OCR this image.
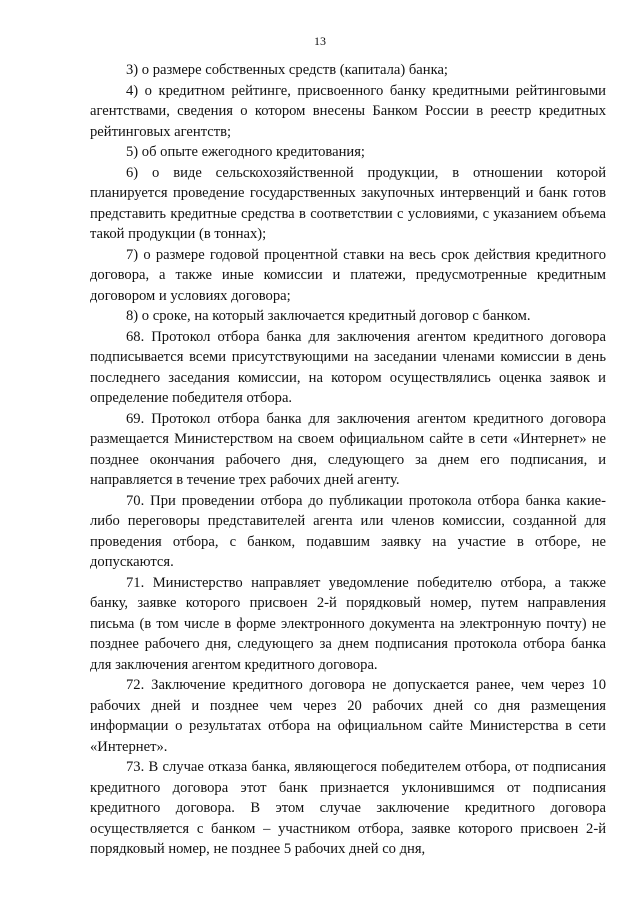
13

3) о размере собственных средств (капитала) банка;

4) о кредитном рейтинге, присвоенного банку кредитными рейтинговыми агентствами, сведения о котором внесены Банком России в реестр кредитных рейтинговых агентств;

5) об опыте ежегодного кредитования;

6) о виде сельскохозяйственной продукции, в отношении которой планируется проведение государственных закупочных интервенций и банк готов представить кредитные средства в соответствии с условиями, с указанием объема такой продукции (в тоннах);

7) о размере годовой процентной ставки на весь срок действия кредитного договора, а также иные комиссии и платежи, предусмотренные кредитным договором и условиях договора;

8) о сроке, на который заключается кредитный договор с банком.

68. Протокол отбора банка для заключения агентом кредитного договора подписывается всеми присутствующими на заседании членами комиссии в день последнего заседания комиссии, на котором осуществлялись оценка заявок и определение победителя отбора.

69. Протокол отбора банка для заключения агентом кредитного договора размещается Министерством на своем официальном сайте в сети «Интернет» не позднее окончания рабочего дня, следующего за днем его подписания, и направляется в течение трех рабочих дней агенту.

70. При проведении отбора до публикации протокола отбора банка какие-либо переговоры представителей агента или членов комиссии, созданной для проведения отбора, с банком, подавшим заявку на участие в отборе, не допускаются.

71. Министерство направляет уведомление победителю отбора, а также банку, заявке которого присвоен 2-й порядковый номер, путем направления письма (в том числе в форме электронного документа на электронную почту) не позднее рабочего дня, следующего за днем подписания протокола отбора банка для заключения агентом кредитного договора.

72. Заключение кредитного договора не допускается ранее, чем через 10 рабочих дней и позднее чем через 20 рабочих дней со дня размещения информации о результатах отбора на официальном сайте Министерства в сети «Интернет».

73. В случае отказа банка, являющегося победителем отбора, от подписания кредитного договора этот банк признается уклонившимся от подписания кредитного договора. В этом случае заключение кредитного договора осуществляется с банком – участником отбора, заявке которого присвоен 2-й порядковый номер, не позднее 5 рабочих дней со дня,
